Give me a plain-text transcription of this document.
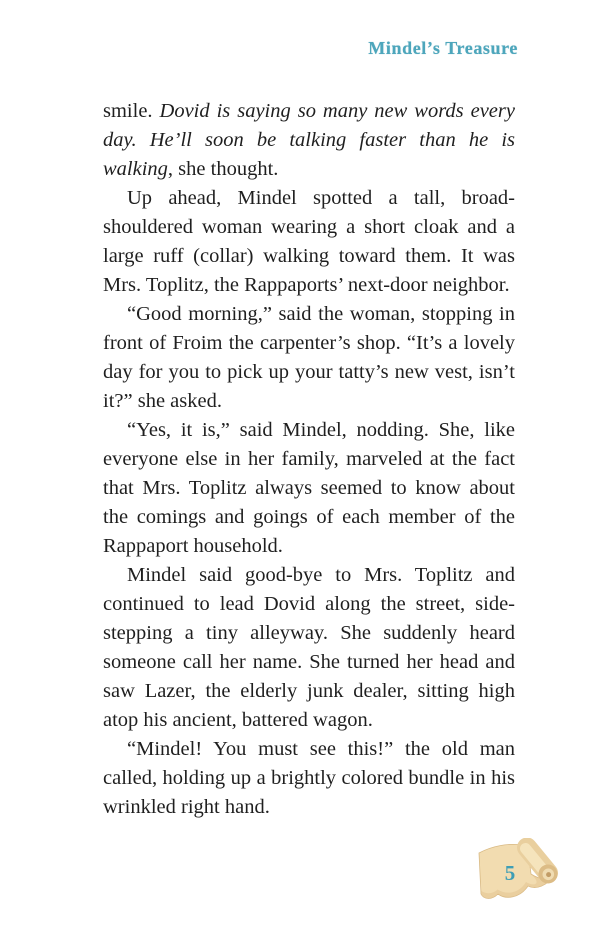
Mindel’s Treasure

smile. Dovid is saying so many new words every day. He’ll soon be talking faster than he is walking, she thought.

Up ahead, Mindel spotted a tall, broad-shouldered woman wearing a short cloak and a large ruff (collar) walking toward them. It was Mrs. Toplitz, the Rappaports’ next-door neighbor.

“Good morning,” said the woman, stopping in front of Froim the carpenter’s shop. “It’s a lovely day for you to pick up your tatty’s new vest, isn’t it?” she asked.

“Yes, it is,” said Mindel, nodding. She, like everyone else in her family, marveled at the fact that Mrs. Toplitz always seemed to know about the comings and goings of each member of the Rappaport household.

Mindel said good-bye to Mrs. Toplitz and continued to lead Dovid along the street, side-stepping a tiny alleyway. She suddenly heard someone call her name. She turned her head and saw Lazer, the elderly junk dealer, sitting high atop his ancient, battered wagon.

“Mindel! You must see this!” the old man called, holding up a brightly colored bundle in his wrinkled right hand.

5
